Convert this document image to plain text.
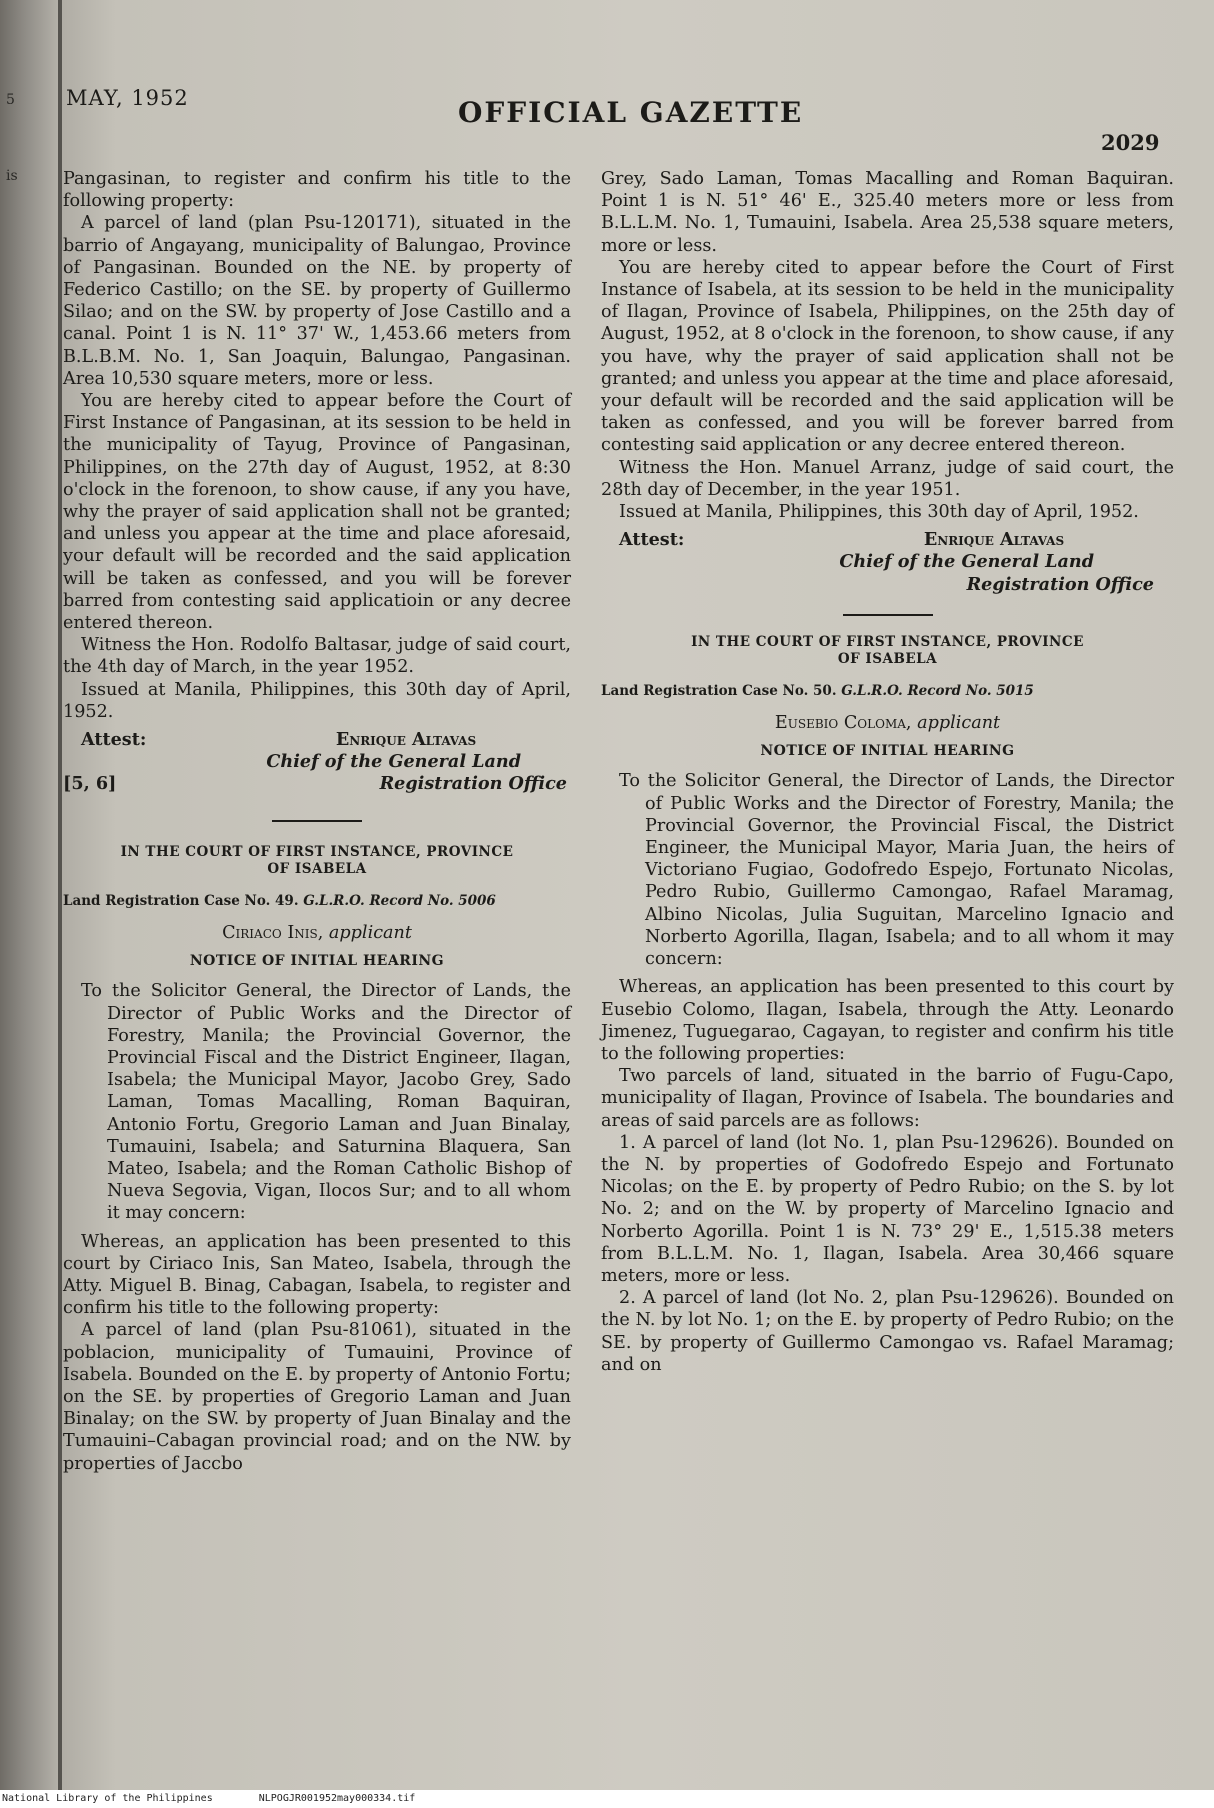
5
is
MAY, 1952	OFFICIAL GAZETTE
2029

Pangasinan, to register and confirm his title to the following property:

A parcel of land (plan Psu-120171), situated in the barrio of Angayang, municipality of Balungao, Province of Pangasinan. Bounded on the NE. by property of Federico Castillo; on the SE. by property of Guillermo Silao; and on the SW. by property of Jose Castillo and a canal. Point 1 is N. 11° 37' W., 1,453.66 meters from B.L.B.M. No. 1, San Joaquin, Balungao, Pangasinan. Area 10,530 square meters, more or less.

You are hereby cited to appear before the Court of First Instance of Pangasinan, at its session to be held in the municipality of Tayug, Province of Pangasinan, Philippines, on the 27th day of August, 1952, at 8:30 o'clock in the forenoon, to show cause, if any you have, why the prayer of said application shall not be granted; and unless you appear at the time and place aforesaid, your default will be recorded and the said application will be taken as confessed, and you will be forever barred from contesting said applicatioin or any decree entered thereon.

Witness the Hon. Rodolfo Baltasar, judge of said court, the 4th day of March, in the year 1952.

Issued at Manila, Philippines, this 30th day of April, 1952.

Attest:	Enrique Altavas
Chief of the General Land
[5, 6]	Registration Office

IN THE COURT OF FIRST INSTANCE, PROVINCE

OF ISABELA

Land Registration Case No. 49. G.L.R.O. Record No. 5006

Ciriaco Inis, applicant

NOTICE OF INITIAL HEARING

To the Solicitor General, the Director of Lands, the Director of Public Works and the Director of Forestry, Manila; the Provincial Governor, the Provincial Fiscal and the District Engineer, Ilagan, Isabela; the Municipal Mayor, Jacobo Grey, Sado Laman, Tomas Macalling, Roman Baquiran, Antonio Fortu, Gregorio Laman and Juan Binalay, Tumauini, Isabela; and Saturnina Blaquera, San Mateo, Isabela; and the Roman Catholic Bishop of Nueva Segovia, Vigan, Ilocos Sur; and to all whom it may concern:

Whereas, an application has been presented to this court by Ciriaco Inis, San Mateo, Isabela, through the Atty. Miguel B. Binag, Cabagan, Isabela, to register and confirm his title to the following property:

A parcel of land (plan Psu-81061), situated in the poblacion, municipality of Tumauini, Province of Isabela. Bounded on the E. by property of Antonio Fortu; on the SE. by properties of Gregorio Laman and Juan Binalay; on the SW. by property of Juan Binalay and the Tumauini–Cabagan provincial road; and on the NW. by properties of Jaccbo

Grey, Sado Laman, Tomas Macalling and Roman Baquiran. Point 1 is N. 51° 46' E., 325.40 meters more or less from B.L.L.M. No. 1, Tumauini, Isabela. Area 25,538 square meters, more or less.

You are hereby cited to appear before the Court of First Instance of Isabela, at its session to be held in the municipality of Ilagan, Province of Isabela, Philippines, on the 25th day of August, 1952, at 8 o'clock in the forenoon, to show cause, if any you have, why the prayer of said application shall not be granted; and unless you appear at the time and place aforesaid, your default will be recorded and the said application will be taken as confessed, and you will be forever barred from contesting said application or any decree entered thereon.

Witness the Hon. Manuel Arranz, judge of said court, the 28th day of December, in the year 1951.

Issued at Manila, Philippines, this 30th day of April, 1952.

Attest:	Enrique Altavas
Chief of the General Land
Registration Office

IN THE COURT OF FIRST INSTANCE, PROVINCE

OF ISABELA

Land Registration Case No. 50. G.L.R.O. Record No. 5015

Eusebio Coloma, applicant

NOTICE OF INITIAL HEARING

To the Solicitor General, the Director of Lands, the Director of Public Works and the Director of Forestry, Manila; the Provincial Governor, the Provincial Fiscal, the District Engineer, the Municipal Mayor, Maria Juan, the heirs of Victoriano Fugiao, Godofredo Espejo, Fortunato Nicolas, Pedro Rubio, Guillermo Camongao, Rafael Maramag, Albino Nicolas, Julia Suguitan, Marcelino Ignacio and Norberto Agorilla, Ilagan, Isabela; and to all whom it may concern:

Whereas, an application has been presented to this court by Eusebio Colomo, Ilagan, Isabela, through the Atty. Leonardo Jimenez, Tuguegarao, Cagayan, to register and confirm his title to the following properties:

Two parcels of land, situated in the barrio of Fugu-Capo, municipality of Ilagan, Province of Isabela. The boundaries and areas of said parcels are as follows:

1. A parcel of land (lot No. 1, plan Psu-129626). Bounded on the N. by properties of Godofredo Espejo and Fortunato Nicolas; on the E. by property of Pedro Rubio; on the S. by lot No. 2; and on the W. by property of Marcelino Ignacio and Norberto Agorilla. Point 1 is N. 73° 29' E., 1,515.38 meters from B.L.L.M. No. 1, Ilagan, Isabela. Area 30,466 square meters, more or less.

2. A parcel of land (lot No. 2, plan Psu-129626). Bounded on the N. by lot No. 1; on the E. by property of Pedro Rubio; on the SE. by property of Guillermo Camongao vs. Rafael Maramag; and on

National Library of the Philippines	NLPOGJR001952may000334.tif
